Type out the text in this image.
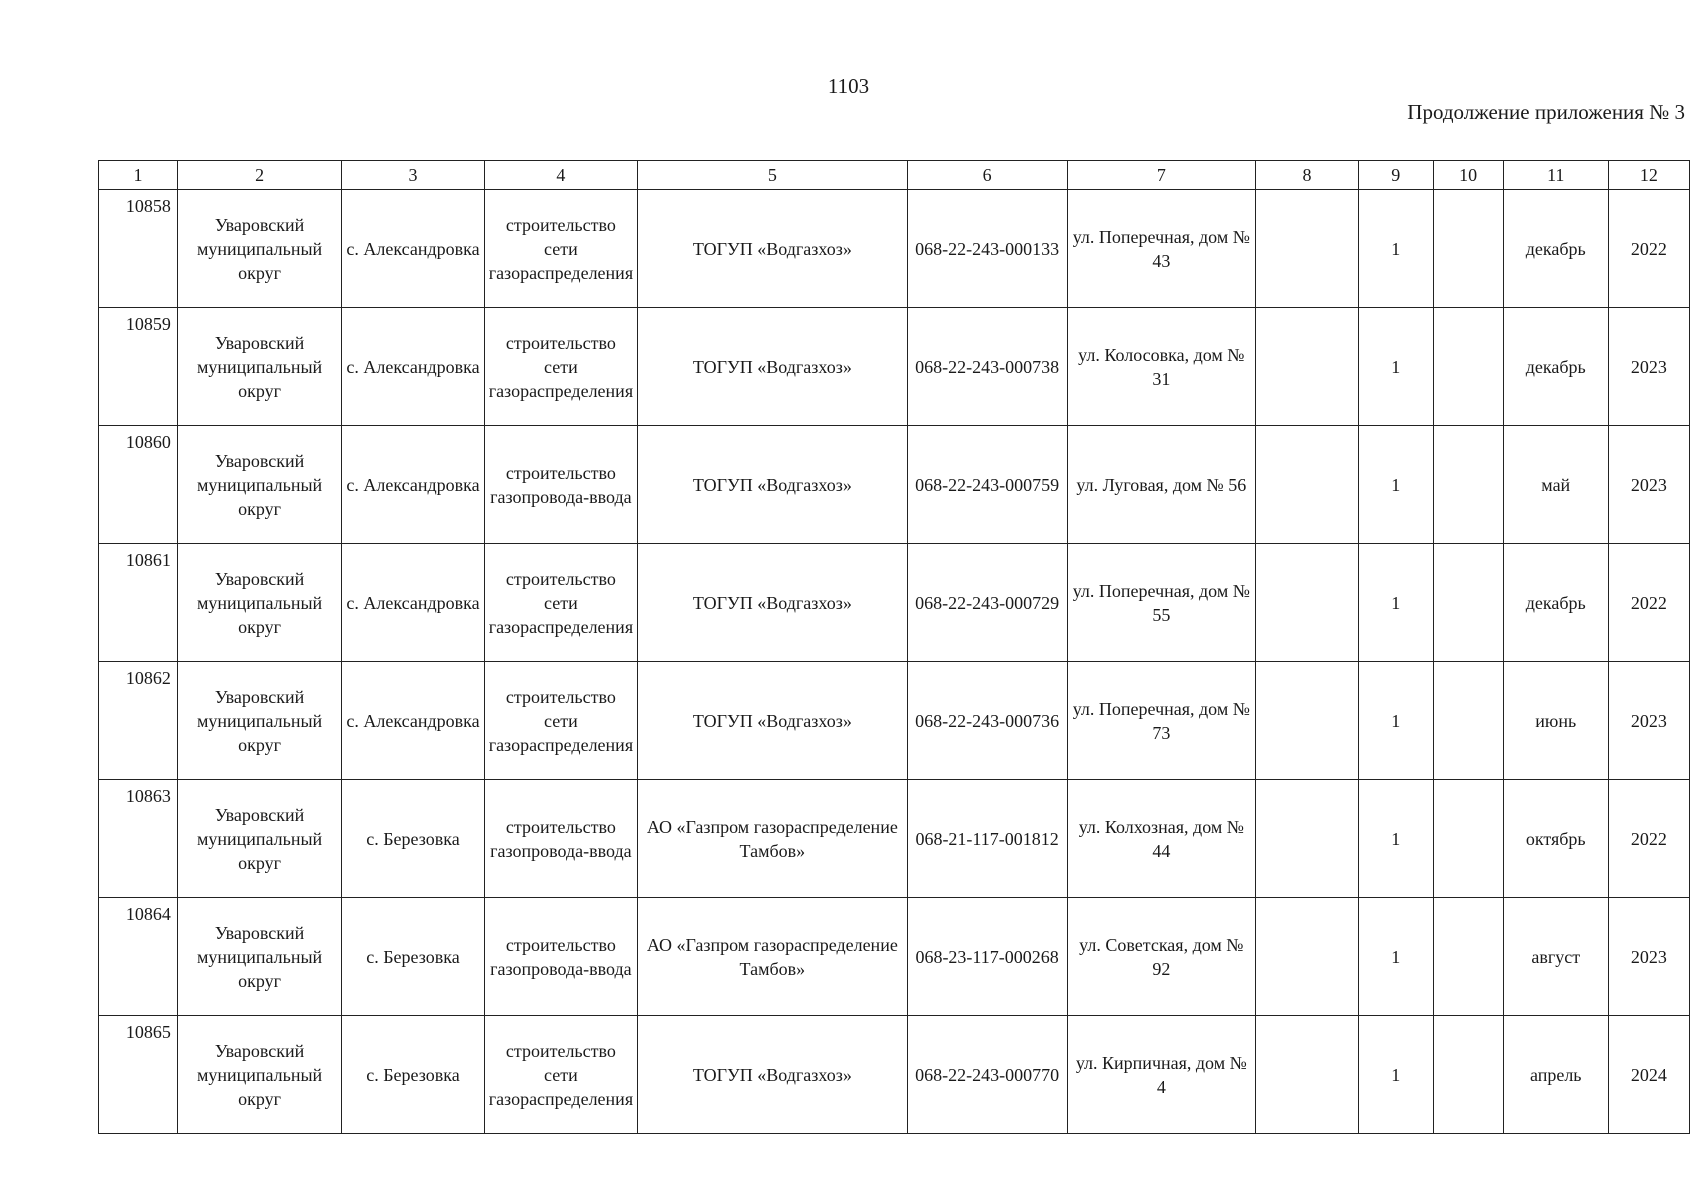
1103
Продолжение приложения № 3
1	2	3	4	5	6	7	8	9	10	11	12
10858	Уваровский муниципальный округ	с. Александровка	строительство сети газораспределения	ТОГУП «Водгазхоз»	068-22-243-000133	ул. Поперечная, дом № 43		1		декабрь	2022
10859	Уваровский муниципальный округ	с. Александровка	строительство сети газораспределения	ТОГУП «Водгазхоз»	068-22-243-000738	ул. Колосовка, дом № 31		1		декабрь	2023
10860	Уваровский муниципальный округ	с. Александровка	строительство газопровода-ввода	ТОГУП «Водгазхоз»	068-22-243-000759	ул. Луговая, дом № 56		1		май	2023
10861	Уваровский муниципальный округ	с. Александровка	строительство сети газораспределения	ТОГУП «Водгазхоз»	068-22-243-000729	ул. Поперечная, дом № 55		1		декабрь	2022
10862	Уваровский муниципальный округ	с. Александровка	строительство сети газораспределения	ТОГУП «Водгазхоз»	068-22-243-000736	ул. Поперечная, дом № 73		1		июнь	2023
10863	Уваровский муниципальный округ	с. Березовка	строительство газопровода-ввода	АО «Газпром газораспределение Тамбов»	068-21-117-001812	ул. Колхозная, дом № 44		1		октябрь	2022
10864	Уваровский муниципальный округ	с. Березовка	строительство газопровода-ввода	АО «Газпром газораспределение Тамбов»	068-23-117-000268	ул. Советская, дом № 92		1		август	2023
10865	Уваровский муниципальный округ	с. Березовка	строительство сети газораспределения	ТОГУП «Водгазхоз»	068-22-243-000770	ул. Кирпичная, дом № 4		1		апрель	2024
